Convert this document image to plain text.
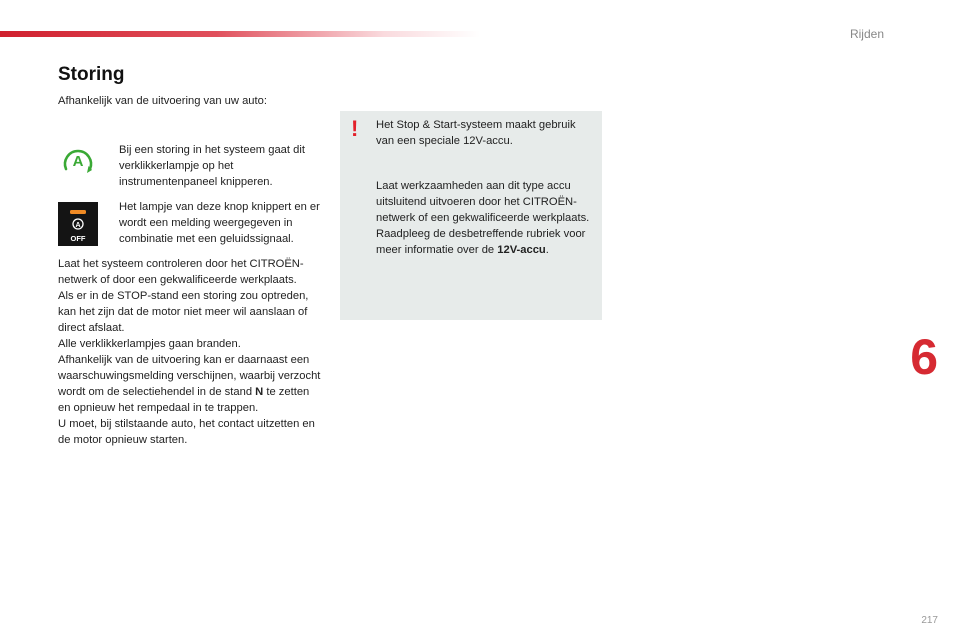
Rijden
Storing
Afhankelijk van de uitvoering van uw auto:
A

Bij een storing in het systeem gaat dit verklikkerlampje op het instrumentenpaneel knipperen.

A
OFF

Het lampje van deze knop knippert en er wordt een melding weergegeven in combinatie met een geluidssignaal.

Laat het systeem controleren door het CITROËN-netwerk of door een gekwalificeerde werkplaats.
Als er in de STOP-stand een storing zou optreden, kan het zijn dat de motor niet meer wil aanslaan of direct afslaat.
Alle verklikkerlampjes gaan branden.
Afhankelijk van de uitvoering kan er daarnaast een waarschuwingsmelding verschijnen, waarbij verzocht wordt om de selectiehendel in de stand N te zetten en opnieuw het rempedaal in te trappen.
U moet, bij stilstaande auto, het contact uitzetten en de motor opnieuw starten.

! Het Stop & Start-systeem maakt gebruik van een speciale 12V-accu.

Laat werkzaamheden aan dit type accu uitsluitend uitvoeren door het CITROËN-netwerk of een gekwalificeerde werkplaats.
Raadpleeg de desbetreffende rubriek voor meer informatie over de 12V-accu.

6
217
